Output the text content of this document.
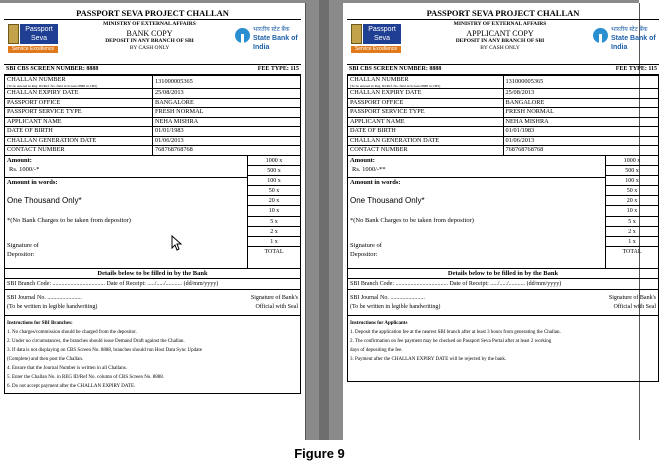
PASSPORT SEVA PROJECT CHALLAN
Passport
Seva
Service Excellence
MINISTRY OF EXTERNAL AFFAIRS
BANK COPY
DEPOSIT IN ANY BRANCH OF SBI
BY CASH ONLY
भारतीय स्टेट बैंक
State Bank of India
SBI CBS SCREEN NUMBER: 8888	FEE TYPE: 115
CHALLAN NUMBER
(To be entered in Reg. ID/Ref. No. field in Screen-8888 in CBS)	131000005365
CHALLAN EXPIRY DATE	25/08/2013
PASSPORT OFFICE	BANGALORE
PASSPORT SERVICE TYPE	FRESH NORMAL
APPLICANT NAME	NEHA MISHRA
DATE OF BIRTH	01/01/1983
CHALLAN GENERATION DATE	01/06/2013
CONTACT NUMBER	768768768768
Amount:
Rs. 1000/-*
Amount in words:
One Thousand Only*
*(No Bank Charges to be taken from depositor)
Signature of
Depositor:
1000 x
500 x
100 x
50 x
20 x
10 x
5 x
2 x
1 x
TOTAL
Details below to be filled in by the Bank
SBI Branch Code: ................................... Date of Receipt: ...../...../........... (dd/mm/yyyy)
SBI Journal No. .......................
(To be written in legible handwriting)
Signature of Bank's
Official with Seal
Instructions for SBI Branches:
1. No charges/commission should be charged from the depositor.
2. Under no circumstances, the branches should issue Demand Draft against the Challan.
3. If data is not displaying on CBS Screen No. 8888, branches should run Host Data Sync Update
(Complete) and then post the Challan.
4. Ensure that the Journal Number is written in all Challans.
5. Enter the Challan No. in REG ID/Ref No. column of CBS Screen No. 8888.
6. Do not accept payment after the CHALLAN EXPIRY DATE.
PASSPORT SEVA PROJECT CHALLAN
Passport
Seva
Service Excellence
MINISTRY OF EXTERNAL AFFAIRS
APPLICANT COPY
DEPOSIT IN ANY BRANCH OF SBI
BY CASH ONLY
भारतीय स्टेट बैंक
State Bank of India
SBI CBS SCREEN NUMBER: 8888	FEE TYPE: 115
CHALLAN NUMBER
(To be entered in Reg. ID/Ref. No. field in Screen-8888 in CBS)	131000005365
CHALLAN EXPIRY DATE	25/08/2013
PASSPORT OFFICE	BANGALORE
PASSPORT SERVICE TYPE	FRESH NORMAL
APPLICANT NAME	NEHA MISHRA
DATE OF BIRTH	01/01/1983
CHALLAN GENERATION DATE	01/06/2013
CONTACT NUMBER	768768768768
Amount:
Rs. 1000/-**
Amount in words:
One Thousand Only*
*(No Bank Charges to be taken from depositor)
Signature of
Depositor:
1000 x
500 x
100 x
50 x
20 x
10 x
5 x
2 x
1 x
TOTAL
Details below to be filled in by the Bank
SBI Branch Code: ................................... Date of Receipt: ...../...../........... (dd/mm/yyyy)
SBI Journal No. .......................
(To be written in legible handwriting)
Signature of Bank's
Official with Seal
Instructions for Applicants
1. Deposit the application fee at the nearest SBI branch after at least 3 hours from generating the Challan.
2. The confirmation on fee payment may be checked on Passport Seva Portal after at least 2 working
days of depositing the fee.
3. Payment after the CHALLAN EXPIRY DATE will be rejected by the bank.
Figure 9
